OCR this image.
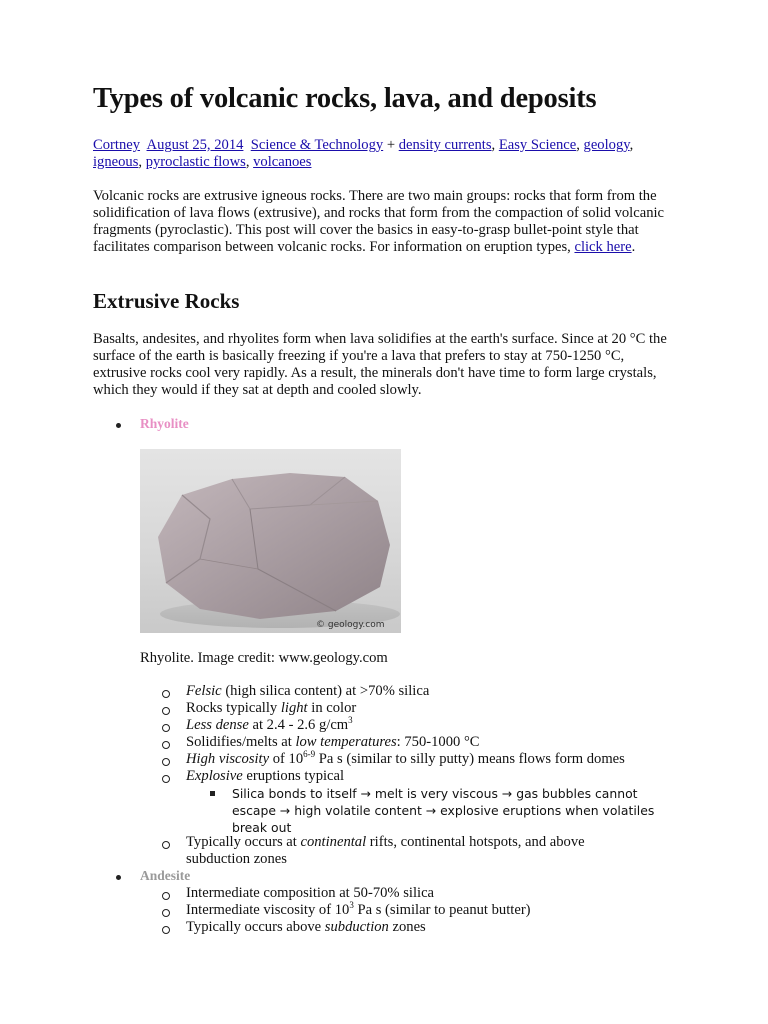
Types of volcanic rocks, lava, and deposits

Cortney August 25, 2014 Science & Technology + density currents, Easy Science, geology, igneous, pyroclastic flows, volcanoes

Volcanic rocks are extrusive igneous rocks. There are two main groups: rocks that form from the solidification of lava flows (extrusive), and rocks that form from the compaction of solid volcanic fragments (pyroclastic). This post will cover the basics in easy-to-grasp bullet-point style that facilitates comparison between volcanic rocks. For information on eruption types, click here.

Extrusive Rocks

Basalts, andesites, and rhyolites form when lava solidifies at the earth's surface. Since at 20 °C the surface of the earth is basically freezing if you're a lava that prefers to stay at 750-1250 °C, extrusive rocks cool very rapidly. As a result, the minerals don't have time to form large crystals, which they would if they sat at depth and cooled slowly.

Rhyolite

© geology.com

Rhyolite. Image credit: www.geology.com

Felsic (high silica content) at >70% silica

Rocks typically light in color

Less dense at 2.4 - 2.6 $g/cm^3$

Solidifies/melts at low temperatures: 750-1000 °C

High viscosity of 10$^{6-9}$ Pa s (similar to silly putty) means flows form domes

Explosive eruptions typical

Silica bonds to itself → melt is very viscous → gas bubbles cannot escape → high volatile content → explosive eruptions when volatiles break out

Typically occurs at continental rifts, continental hotspots, and above subduction zones

Andesite

Intermediate composition at 50-70% silica

Intermediate viscosity of $10^3$ Pa s (similar to peanut butter)

Typically occurs above subduction zones
